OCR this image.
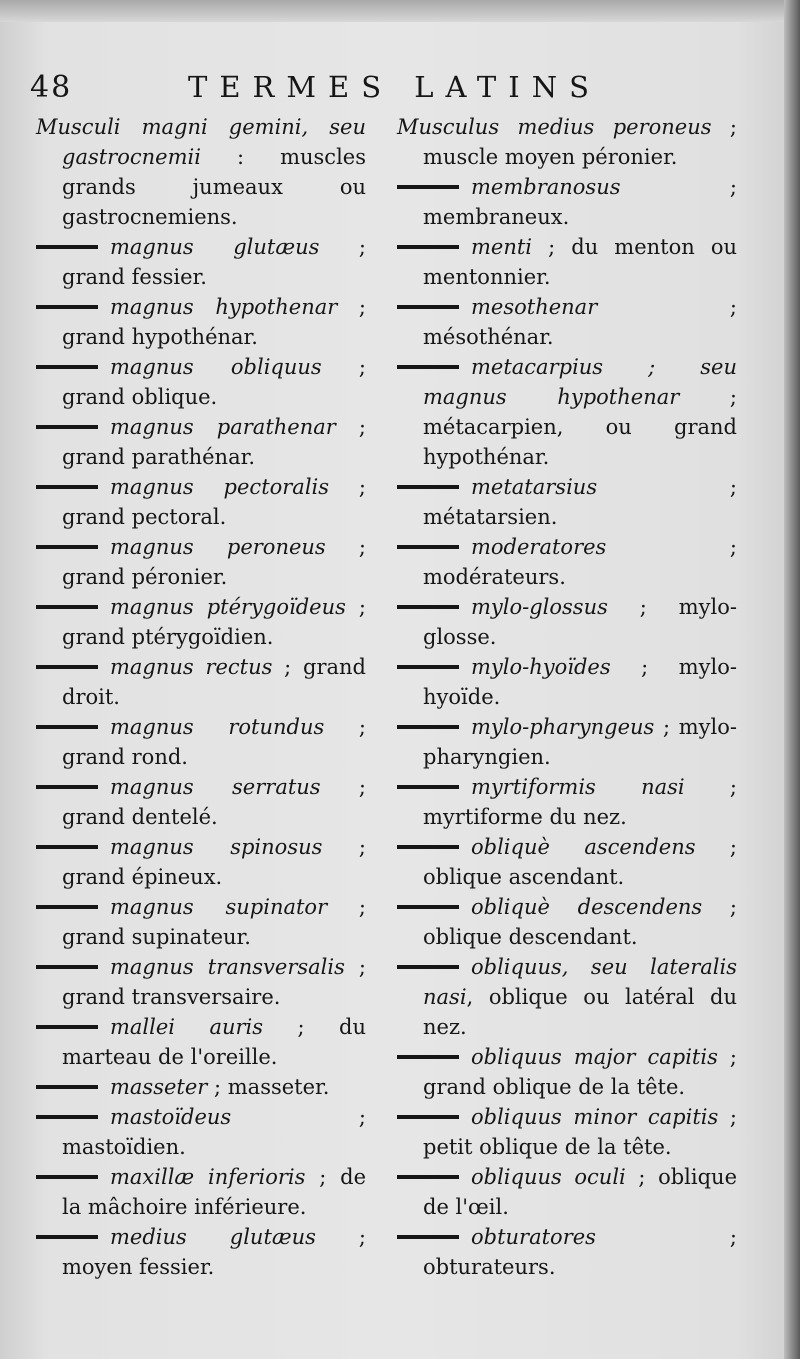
48	TERMES LATINS

Musculi magni gemini, seu gastrocnemii : muscles grands jumeaux ou gastrocnemiens.

magnus glutæus ; grand fessier.

magnus hypothenar ; grand hypothénar.

magnus obliquus ; grand oblique.

magnus parathenar ; grand parathénar.

magnus pectoralis ; grand pectoral.

magnus peroneus ; grand péronier.

magnus ptérygoïdeus ; grand ptérygoïdien.

magnus rectus ; grand droit.

magnus rotundus ; grand rond.

magnus serratus ; grand dentelé.

magnus spinosus ; grand épineux.

magnus supinator ; grand supinateur.

magnus transversalis ; grand transversaire.

mallei auris ; du marteau de l'oreille.

masseter ; masseter.

mastoïdeus ; mastoïdien.

maxillæ inferioris ; de la mâchoire inférieure.

medius glutæus ; moyen fessier.

Musculus medius peroneus ; muscle moyen péronier.

membranosus ; membraneux.

menti ; du menton ou mentonnier.

mesothenar ; mésothénar.

metacarpius ; seu magnus hypothenar ; métacarpien, ou grand hypothénar.

metatarsius ; métatarsien.

moderatores ; modérateurs.

mylo-glossus ; mylo-glosse.

mylo-hyoïdes ; mylo-hyoïde.

mylo-pharyngeus ; mylo-pharyngien.

myrtiformis nasi ; myrtiforme du nez.

obliquè ascendens ; oblique ascendant.

obliquè descendens ; oblique descendant.

obliquus, seu lateralis nasi, oblique ou latéral du nez.

obliquus major capitis ; grand oblique de la tête.

obliquus minor capitis ; petit oblique de la tête.

obliquus oculi ; oblique de l'œil.

obturatores ; obturateurs.
